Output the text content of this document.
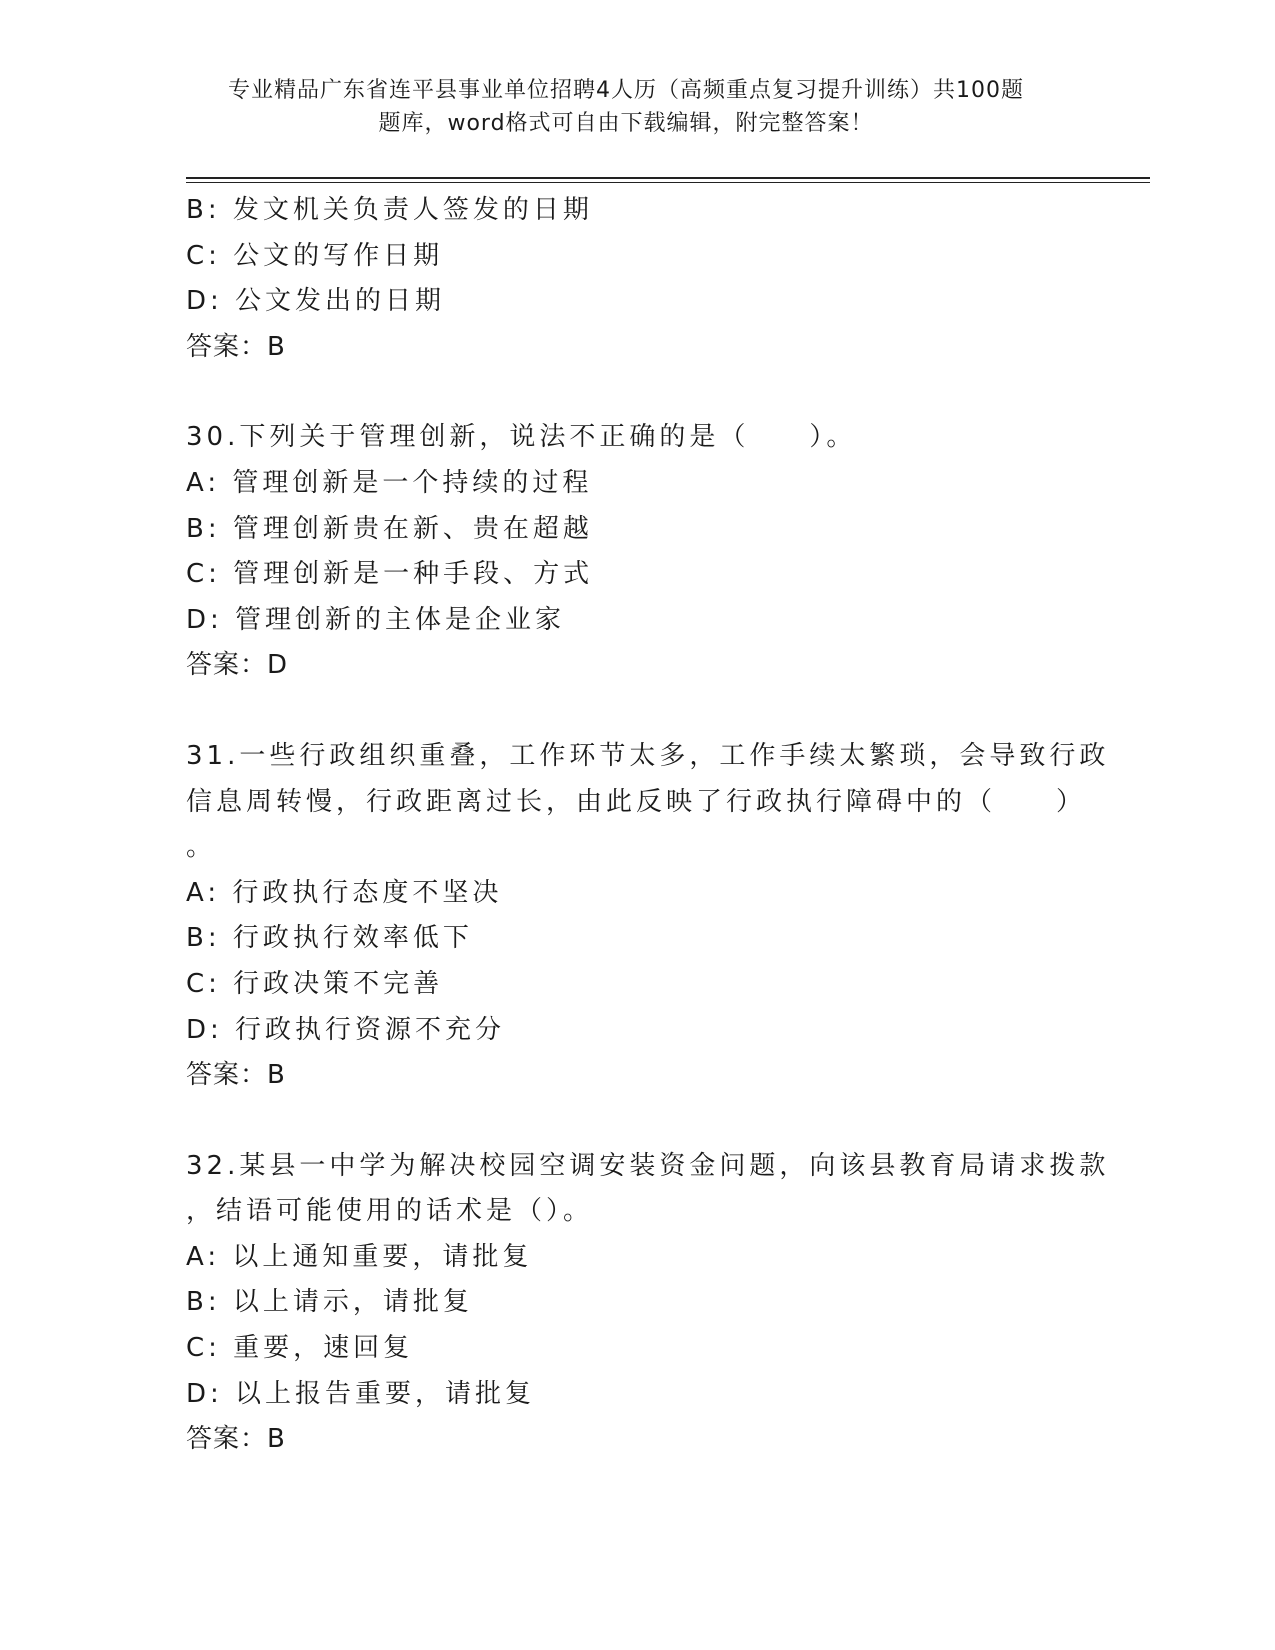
专业精品广东省连平县事业单位招聘4人历（高频重点复习提升训练）共100题
题库，word格式可自由下载编辑，附完整答案！
B: 发文机关负责人签发的日期
C: 公文的写作日期
D: 公文发出的日期
答案：B
30.下列关于管理创新，说法不正确的是（　　）。
A: 管理创新是一个持续的过程
B: 管理创新贵在新、贵在超越
C: 管理创新是一种手段、方式
D: 管理创新的主体是企业家
答案：D
31.一些行政组织重叠，工作环节太多，工作手续太繁琐，会导致行政
信息周转慢，行政距离过长，由此反映了行政执行障碍中的（　　）
。
A: 行政执行态度不坚决
B: 行政执行效率低下
C: 行政决策不完善
D: 行政执行资源不充分
答案：B
32.某县一中学为解决校园空调安装资金问题，向该县教育局请求拨款
，结语可能使用的话术是（）。
A: 以上通知重要，请批复
B: 以上请示，请批复
C: 重要，速回复
D: 以上报告重要，请批复
答案：B
